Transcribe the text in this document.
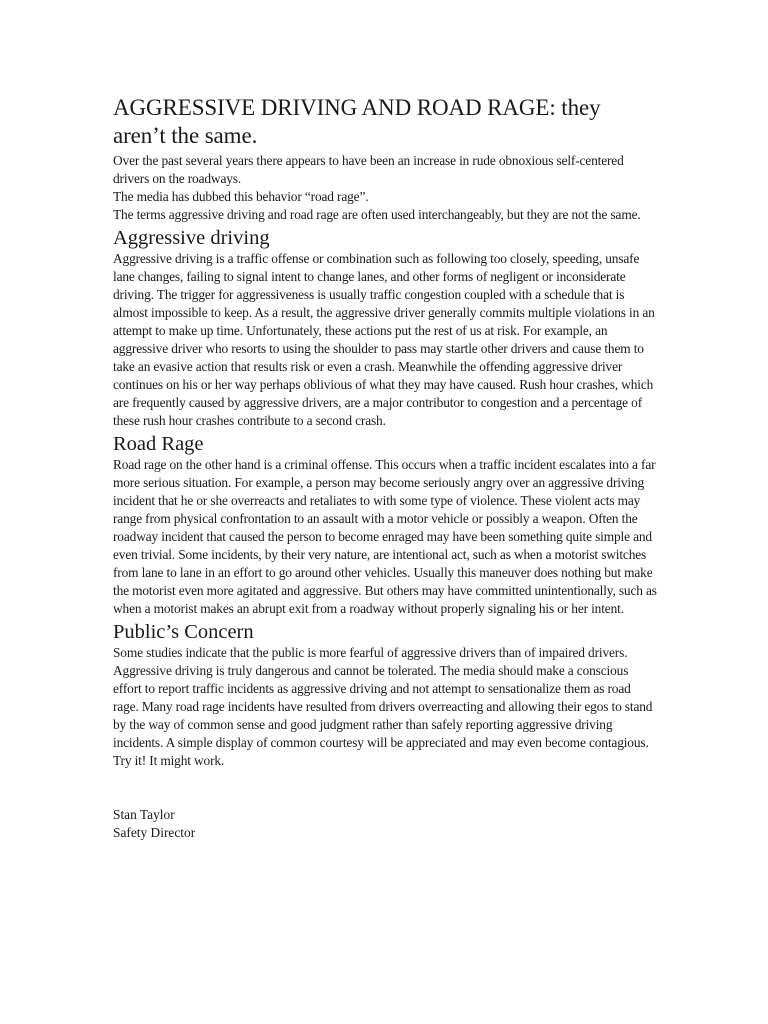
AGGRESSIVE DRIVING AND ROAD RAGE: they aren’t the same.

Over the past several years there appears to have been an increase in rude obnoxious self-centered drivers on the roadways.

The media has dubbed this behavior “road rage”.

The terms aggressive driving and road rage are often used interchangeably, but they are not the same.

Aggressive driving

Aggressive driving is a traffic offense or combination such as following too closely, speeding, unsafe lane changes, failing to signal intent to change lanes, and other forms of negligent or inconsiderate driving. The trigger for aggressiveness is usually traffic congestion coupled with a schedule that is almost impossible to keep. As a result, the aggressive driver generally commits multiple violations in an attempt to make up time. Unfortunately, these actions put the rest of us at risk. For example, an aggressive driver who resorts to using the shoulder to pass may startle other drivers and cause them to take an evasive action that results risk or even a crash. Meanwhile the offending aggressive driver continues on his or her way perhaps oblivious of what they may have caused. Rush hour crashes, which are frequently caused by aggressive drivers, are a major contributor to congestion and a percentage of these rush hour crashes contribute to a second crash.

Road Rage

Road rage on the other hand is a criminal offense. This occurs when a traffic incident escalates into a far more serious situation. For example, a person may become seriously angry over an aggressive driving incident that he or she overreacts and retaliates to with some type of violence. These violent acts may range from physical confrontation to an assault with a motor vehicle or possibly a weapon. Often the roadway incident that caused the person to become enraged may have been something quite simple and even trivial. Some incidents, by their very nature, are intentional act, such as when a motorist switches from lane to lane in an effort to go around other vehicles. Usually this maneuver does nothing but make the motorist even more agitated and aggressive. But others may have committed unintentionally, such as when a motorist makes an abrupt exit from a roadway without properly signaling his or her intent.

Public’s Concern

Some studies indicate that the public is more fearful of aggressive drivers than of impaired drivers. Aggressive driving is truly dangerous and cannot be tolerated. The media should make a conscious effort to report traffic incidents as aggressive driving and not attempt to sensationalize them as road rage. Many road rage incidents have resulted from drivers overreacting and allowing their egos to stand by the way of common sense and good judgment rather than safely reporting aggressive driving incidents. A simple display of common courtesy will be appreciated and may even become contagious. Try it! It might work.

Stan Taylor

Safety Director
